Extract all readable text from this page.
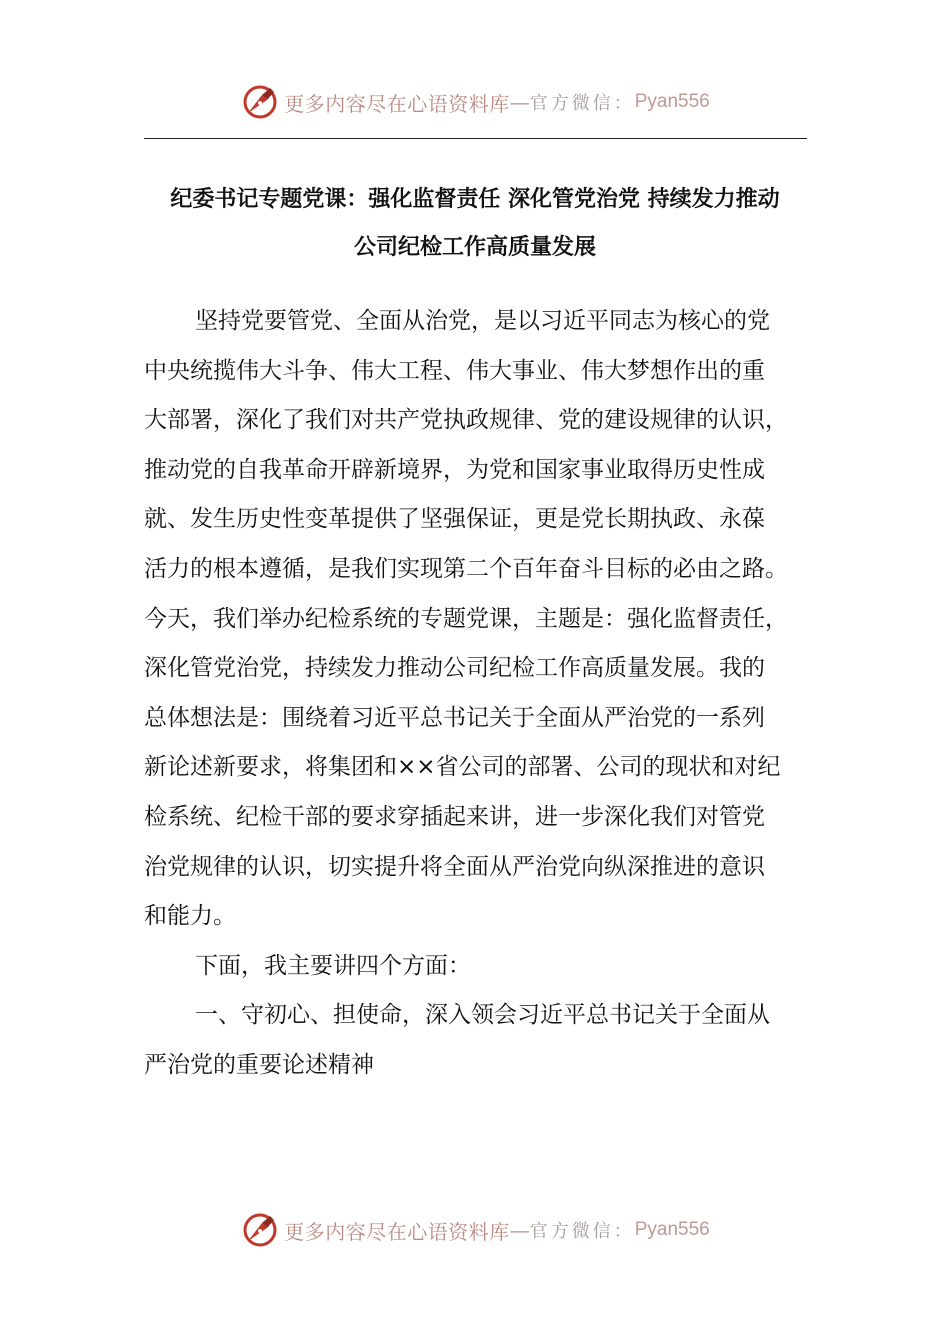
更多内容尽在心语资料库 — 官方微信： Pyan556
纪委书记专题党课：强化监督责任 深化管党治党 持续发力推动
公司纪检工作高质量发展
坚持党要管党、全面从治党，是以习近平同志为核心的党
中央统揽伟大斗争、伟大工程、伟大事业、伟大梦想作出的重
大部署，深化了我们对共产党执政规律、党的建设规律的认识，
推动党的自我革命开辟新境界，为党和国家事业取得历史性成
就、发生历史性变革提供了坚强保证，更是党长期执政、永葆
活力的根本遵循，是我们实现第二个百年奋斗目标的必由之路。
今天，我们举办纪检系统的专题党课，主题是：强化监督责任，
深化管党治党，持续发力推动公司纪检工作高质量发展。我的
总体想法是：围绕着习近平总书记关于全面从严治党的一系列
新论述新要求，将集团和××省公司的部署、公司的现状和对纪
检系统、纪检干部的要求穿插起来讲，进一步深化我们对管党
治党规律的认识，切实提升将全面从严治党向纵深推进的意识
和能力。
下面，我主要讲四个方面：
一、守初心、担使命，深入领会习近平总书记关于全面从
严治党的重要论述精神
更多内容尽在心语资料库 — 官方微信： Pyan556
